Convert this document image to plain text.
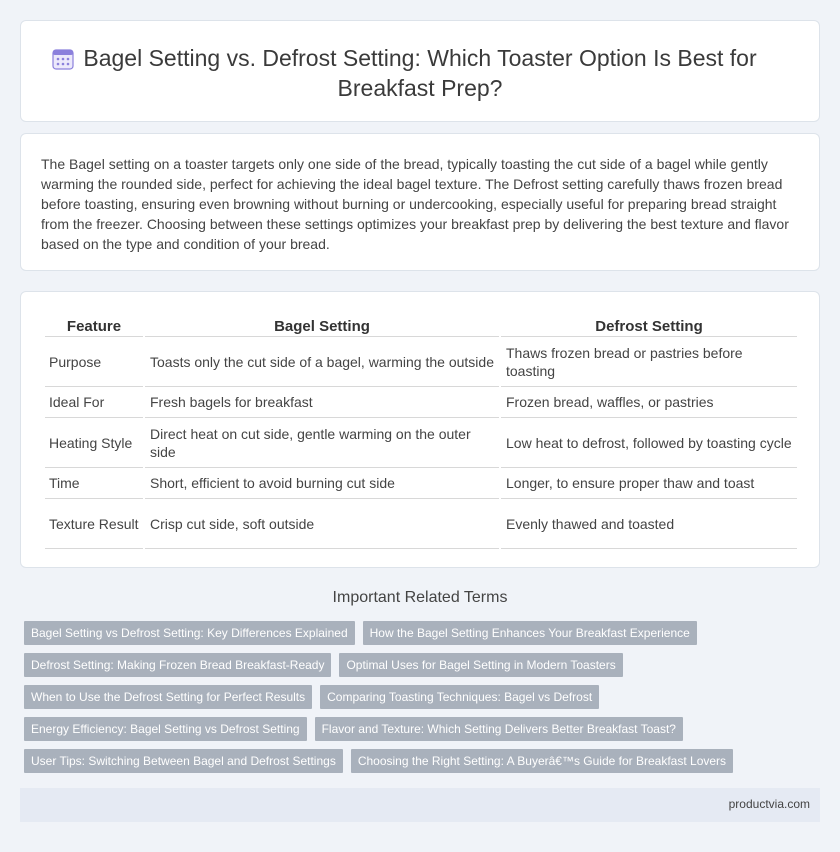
Bagel Setting vs. Defrost Setting: Which Toaster Option Is Best for Breakfast Prep?

The Bagel setting on a toaster targets only one side of the bread, typically toasting the cut side of a bagel while gently warming the rounded side, perfect for achieving the ideal bagel texture. The Defrost setting carefully thaws frozen bread before toasting, ensuring even browning without burning or undercooking, especially useful for preparing bread straight from the freezer. Choosing between these settings optimizes your breakfast prep by delivering the best texture and flavor based on the type and condition of your bread.

Feature	Bagel Setting	Defrost Setting
Purpose	Toasts only the cut side of a bagel, warming the outside	Thaws frozen bread or pastries before toasting
Ideal For	Fresh bagels for breakfast	Frozen bread, waffles, or pastries
Heating Style	Direct heat on cut side, gentle warming on the outer side	Low heat to defrost, followed by toasting cycle
Time	Short, efficient to avoid burning cut side	Longer, to ensure proper thaw and toast
Texture Result	Crisp cut side, soft outside	Evenly thawed and toasted
Important Related Terms
Bagel Setting vs Defrost Setting: Key Differences Explained	How the Bagel Setting Enhances Your Breakfast Experience
Defrost Setting: Making Frozen Bread Breakfast-Ready	Optimal Uses for Bagel Setting in Modern Toasters
When to Use the Defrost Setting for Perfect Results	Comparing Toasting Techniques: Bagel vs Defrost
Energy Efficiency: Bagel Setting vs Defrost Setting	Flavor and Texture: Which Setting Delivers Better Breakfast Toast?
User Tips: Switching Between Bagel and Defrost Settings	Choosing the Right Setting: A Buyerâ€™s Guide for Breakfast Lovers
productvia.com
